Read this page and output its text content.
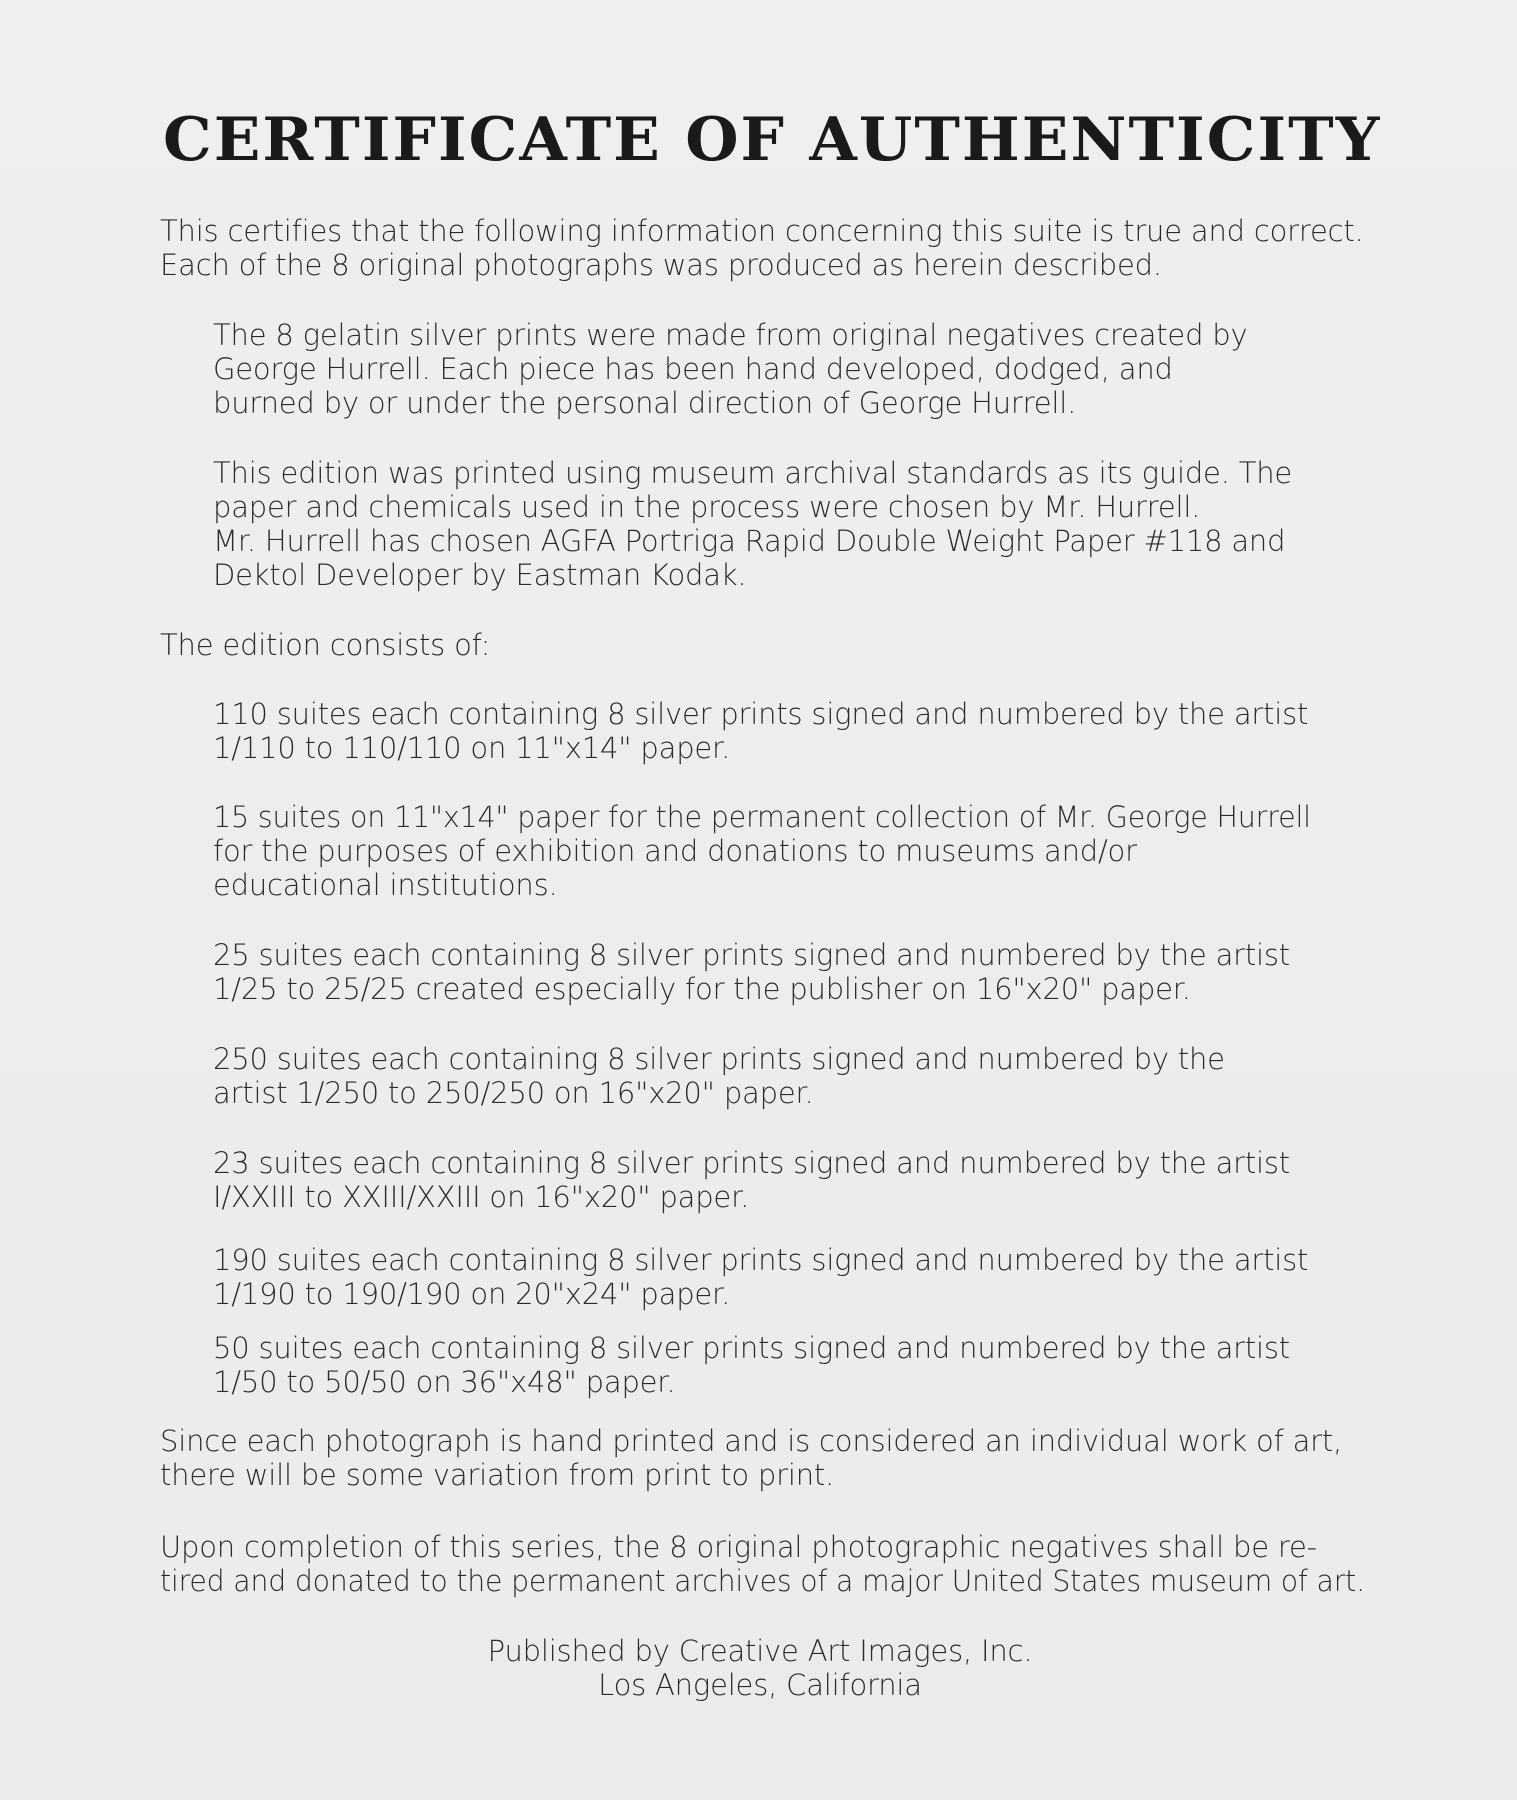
CERTIFICATE OF AUTHENTICITY

This certifies that the following information concerning this suite is true and correct.
Each of the 8 original photographs was produced as herein described.

The 8 gelatin silver prints were made from original negatives created by
George Hurrell. Each piece has been hand developed, dodged, and
burned by or under the personal direction of George Hurrell.

This edition was printed using museum archival standards as its guide. The
paper and chemicals used in the process were chosen by Mr. Hurrell.
Mr. Hurrell has chosen AGFA Portriga Rapid Double Weight Paper #118 and
Dektol Developer by Eastman Kodak.

The edition consists of:

110 suites each containing 8 silver prints signed and numbered by the artist
1/110 to 110/110 on 11"x14" paper.

15 suites on 11"x14" paper for the permanent collection of Mr. George Hurrell
for the purposes of exhibition and donations to museums and/or
educational institutions.

25 suites each containing 8 silver prints signed and numbered by the artist
1/25 to 25/25 created especially for the publisher on 16"x20" paper.

250 suites each containing 8 silver prints signed and numbered by the
artist 1/250 to 250/250 on 16"x20" paper.

23 suites each containing 8 silver prints signed and numbered by the artist
I/XXIII to XXIII/XXIII on 16"x20" paper.

190 suites each containing 8 silver prints signed and numbered by the artist
1/190 to 190/190 on 20"x24" paper.

50 suites each containing 8 silver prints signed and numbered by the artist
1/50 to 50/50 on 36"x48" paper.

Since each photograph is hand printed and is considered an individual work of art,
there will be some variation from print to print.

Upon completion of this series, the 8 original photographic negatives shall be re-
tired and donated to the permanent archives of a major United States museum of art.

Published by Creative Art Images, Inc.
Los Angeles, California
